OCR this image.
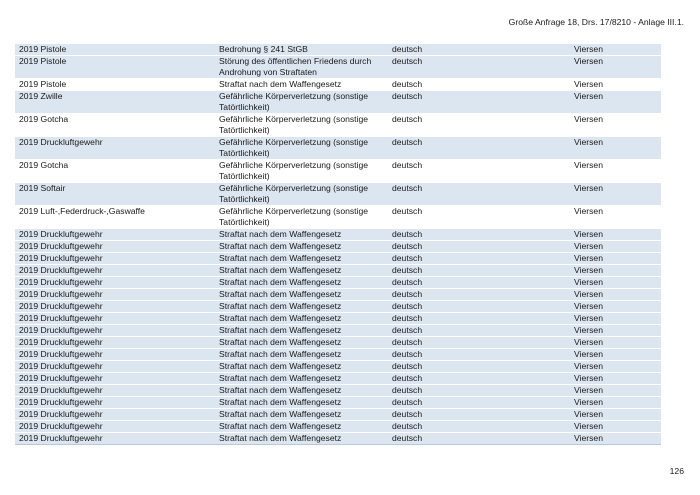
Große Anfrage 18, Drs. 17/8210 - Anlage III.1.
2019 Pistole	Bedrohung § 241 StGB	deutsch	Viersen
2019 Pistole	Störung des öffentlichen Friedens durch Androhung von Straftaten	deutsch	Viersen
2019 Pistole	Straftat nach dem Waffengesetz	deutsch	Viersen
2019 Zwille	Gefährliche Körperverletzung (sonstige Tatörtlichkeit)	deutsch	Viersen
2019 Gotcha	Gefährliche Körperverletzung (sonstige Tatörtlichkeit)	deutsch	Viersen
2019 Druckluftgewehr	Gefährliche Körperverletzung (sonstige Tatörtlichkeit)	deutsch	Viersen
2019 Gotcha	Gefährliche Körperverletzung (sonstige Tatörtlichkeit)	deutsch	Viersen
2019 Softair	Gefährliche Körperverletzung (sonstige Tatörtlichkeit)	deutsch	Viersen
2019 Luft-,Federdruck-,Gaswaffe	Gefährliche Körperverletzung (sonstige Tatörtlichkeit)	deutsch	Viersen
2019 Druckluftgewehr	Straftat nach dem Waffengesetz	deutsch	Viersen
2019 Druckluftgewehr	Straftat nach dem Waffengesetz	deutsch	Viersen
2019 Druckluftgewehr	Straftat nach dem Waffengesetz	deutsch	Viersen
2019 Druckluftgewehr	Straftat nach dem Waffengesetz	deutsch	Viersen
2019 Druckluftgewehr	Straftat nach dem Waffengesetz	deutsch	Viersen
2019 Druckluftgewehr	Straftat nach dem Waffengesetz	deutsch	Viersen
2019 Druckluftgewehr	Straftat nach dem Waffengesetz	deutsch	Viersen
2019 Druckluftgewehr	Straftat nach dem Waffengesetz	deutsch	Viersen
2019 Druckluftgewehr	Straftat nach dem Waffengesetz	deutsch	Viersen
2019 Druckluftgewehr	Straftat nach dem Waffengesetz	deutsch	Viersen
2019 Druckluftgewehr	Straftat nach dem Waffengesetz	deutsch	Viersen
2019 Druckluftgewehr	Straftat nach dem Waffengesetz	deutsch	Viersen
2019 Druckluftgewehr	Straftat nach dem Waffengesetz	deutsch	Viersen
2019 Druckluftgewehr	Straftat nach dem Waffengesetz	deutsch	Viersen
2019 Druckluftgewehr	Straftat nach dem Waffengesetz	deutsch	Viersen
2019 Druckluftgewehr	Straftat nach dem Waffengesetz	deutsch	Viersen
2019 Druckluftgewehr	Straftat nach dem Waffengesetz	deutsch	Viersen
2019 Druckluftgewehr	Straftat nach dem Waffengesetz	deutsch	Viersen
126
